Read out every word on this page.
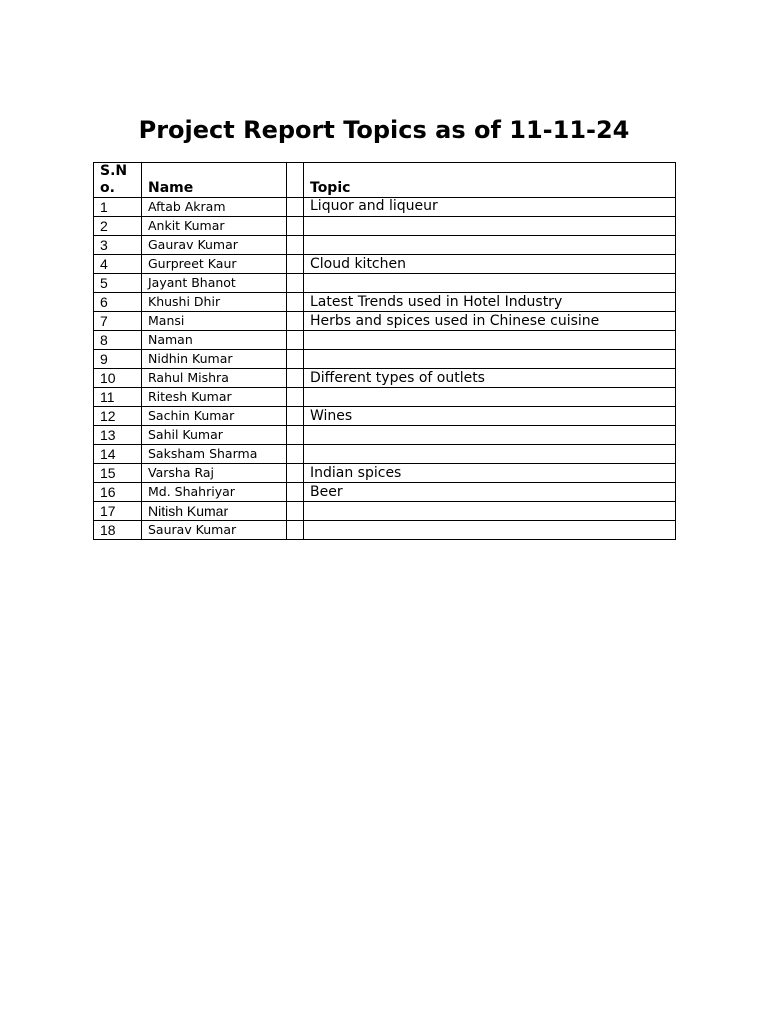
Project Report Topics as of 11-11-24
S.No.	Name		Topic
1	Aftab Akram		Liquor and liqueur
2	Ankit Kumar		
3	Gaurav Kumar		
4	Gurpreet Kaur		Cloud kitchen
5	Jayant Bhanot		
6	Khushi Dhir		Latest Trends used in Hotel Industry
7	Mansi		Herbs and spices used in Chinese cuisine
8	Naman		
9	Nidhin Kumar		
10	Rahul Mishra		Different types of outlets
11	Ritesh Kumar		
12	Sachin Kumar		Wines
13	Sahil Kumar		
14	Saksham Sharma		
15	Varsha Raj		Indian spices
16	Md. Shahriyar		Beer
17	Nitish Kumar		
18	Saurav Kumar		
